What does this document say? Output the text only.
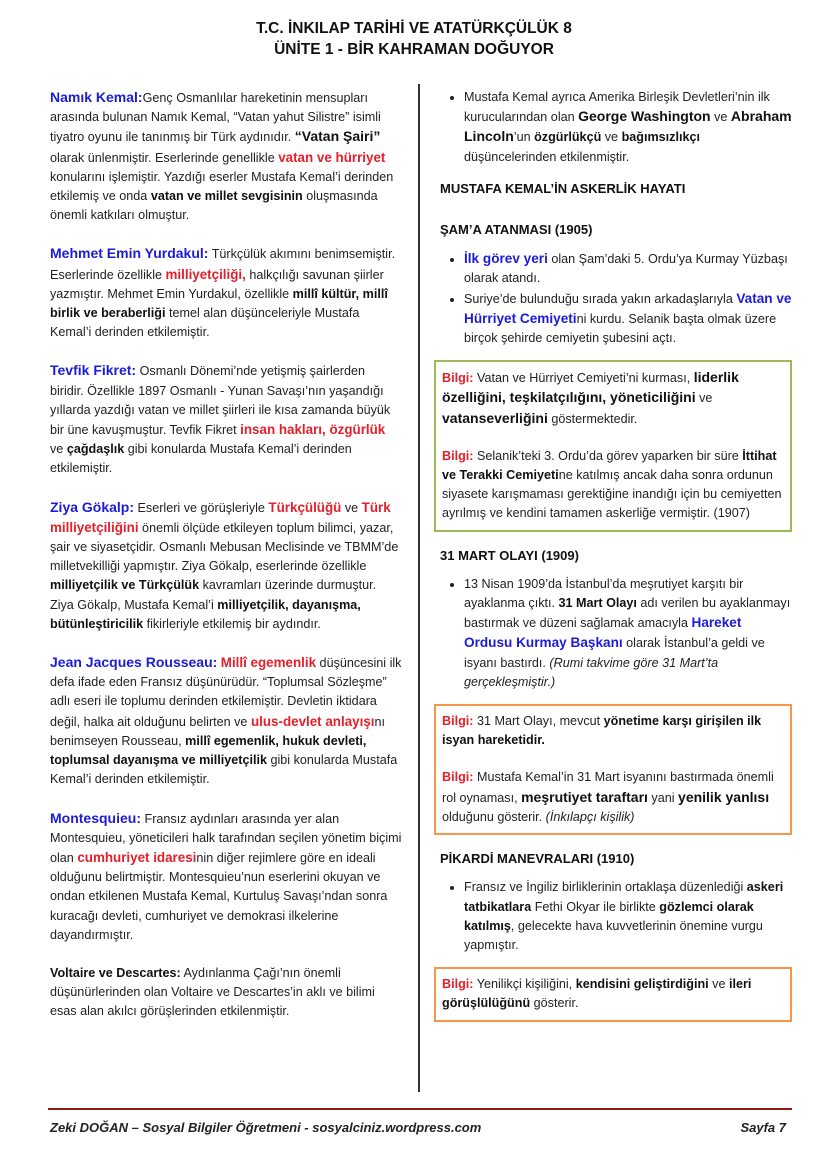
T.C. İNKILAP TARİHİ VE ATATÜRKÇÜLÜK 8
ÜNİTE 1 - BİR KAHRAMAN DOĞUYOR

Namık Kemal:Genç Osmanlılar hareketinin mensupları arasında bulunan Namık Kemal, “Vatan yahut Silistre” isimli tiyatro oyunu ile tanınmış bir Türk aydınıdır. “Vatan Şairi” olarak ünlenmiştir. Eserlerinde genellikle vatan ve hürriyet konularını işlemiştir. Yazdığı eserler Mustafa Kemal’i derinden etkilemiş ve onda vatan ve millet sevgisinin oluşmasında önemli katkıları olmuştur.

Mehmet Emin Yurdakul: Türkçülük akımını benimsemiştir. Eserlerinde özellikle milliyetçiliği, halkçılığı savunan şiirler yazmıştır. Mehmet Emin Yurdakul, özellikle millî kültür, millî birlik ve beraberliği temel alan düşünceleriyle Mustafa Kemal’i derinden etkilemiştir.

Tevfik Fikret: Osmanlı Dönemi’nde yetişmiş şairlerden biridir. Özellikle 1897 Osmanlı - Yunan Savaşı’nın yaşandığı yıllarda yazdığı vatan ve millet şiirleri ile kısa zamanda büyük bir üne kavuşmuştur. Tevfik Fikret insan hakları, özgürlük ve çağdaşlık gibi konularda Mustafa Kemal’i derinden etkilemiştir.

Ziya Gökalp: Eserleri ve görüşleriyle Türkçülüğü ve Türk milliyetçiliğini önemli ölçüde etkileyen toplum bilimci, yazar, şair ve siyasetçidir. Osmanlı Mebusan Meclisinde ve TBMM’de milletvekilliği yapmıştır. Ziya Gökalp, eserlerinde özellikle milliyetçilik ve Türkçülük kavramları üzerinde durmuştur. Ziya Gökalp, Mustafa Kemal’i milliyetçilik, dayanışma, bütünleştiricilik fikirleriyle etkilemiş bir aydındır.

Jean Jacques Rousseau: Millî egemenlik düşüncesini ilk defa ifade eden Fransız düşünürüdür. “Toplumsal Sözleşme” adlı eseri ile toplumu derinden etkilemiştir. Devletin iktidara değil, halka ait olduğunu belirten ve ulus-devlet anlayışını benimseyen Rousseau, millî egemenlik, hukuk devleti, toplumsal dayanışma ve milliyetçilik gibi konularda Mustafa Kemal’i derinden etkilemiştir.

Montesquieu: Fransız aydınları arasında yer alan Montesquieu, yöneticileri halk tarafından seçilen yönetim biçimi olan cumhuriyet idaresinin diğer rejimlere göre en ideali olduğunu belirtmiştir. Montesquieu’nun eserlerini okuyan ve ondan etkilenen Mustafa Kemal, Kurtuluş Savaşı’ndan sonra kuracağı devleti, cumhuriyet ve demokrasi ilkelerine dayandırmıştır.

Voltaire ve Descartes: Aydınlanma Çağı’nın önemli düşünürlerinden olan Voltaire ve Descartes’in aklı ve bilimi esas alan akılcı görüşlerinden etkilenmiştir.

• Mustafa Kemal ayrıca Amerika Birleşik Devletleri’nin ilk kurucularından olan George Washington ve Abraham Lincoln’un özgürlükçü ve bağımsızlıkçı düşüncelerinden etkilenmiştir.
MUSTAFA KEMAL’İN ASKERLİK HAYATI
ŞAM’A ATANMASI (1905)
• İlk görev yeri olan Şam’daki 5. Ordu’ya Kurmay Yüzbaşı olarak atandı.
• Suriye’de bulunduğu sırada yakın arkadaşlarıyla Vatan ve Hürriyet Cemiyetini kurdu. Selanik başta olmak üzere birçok şehirde cemiyetin şubesini açtı.

Bilgi: Vatan ve Hürriyet Cemiyeti’ni kurması, liderlik özelliğini, teşkilatçılığını, yöneticiliğini ve vatanseverliğini göstermektedir.

Bilgi: Selanik’teki 3. Ordu’da görev yaparken bir süre İttihat ve Terakki Cemiyetine katılmış ancak daha sonra ordunun siyasete karışmaması gerektiğine inandığı için bu cemiyetten ayrılmış ve kendini tamamen askerliğe vermiştir. (1907)

31 MART OLAYI (1909)
• 13 Nisan 1909’da İstanbul’da meşrutiyet karşıtı bir ayaklanma çıktı. 31 Mart Olayı adı verilen bu ayaklanmayı bastırmak ve düzeni sağlamak amacıyla Hareket Ordusu Kurmay Başkanı olarak İstanbul’a geldi ve isyanı bastırdı. (Rumi takvime göre 31 Mart’ta gerçekleşmiştir.)

Bilgi: 31 Mart Olayı, mevcut yönetime karşı girişilen ilk isyan hareketidir.

Bilgi: Mustafa Kemal’in 31 Mart isyanını bastırmada önemli rol oynaması, meşrutiyet taraftarı yani yenilik yanlısı olduğunu gösterir. (İnkılapçı kişilik)

PİKARDİ MANEVRALARI (1910)
• Fransız ve İngiliz birliklerinin ortaklaşa düzenlediği askeri tatbikatlara Fethi Okyar ile birlikte gözlemci olarak katılmış, gelecekte hava kuvvetlerinin önemine vurgu yapmıştır.

Bilgi: Yenilikçi kişiliğini, kendisini geliştirdiğini ve ileri görüşlülüğünü gösterir.

Zeki DOĞAN – Sosyal Bilgiler Öğretmeni - sosyalciniz.wordpress.com	Sayfa 7
